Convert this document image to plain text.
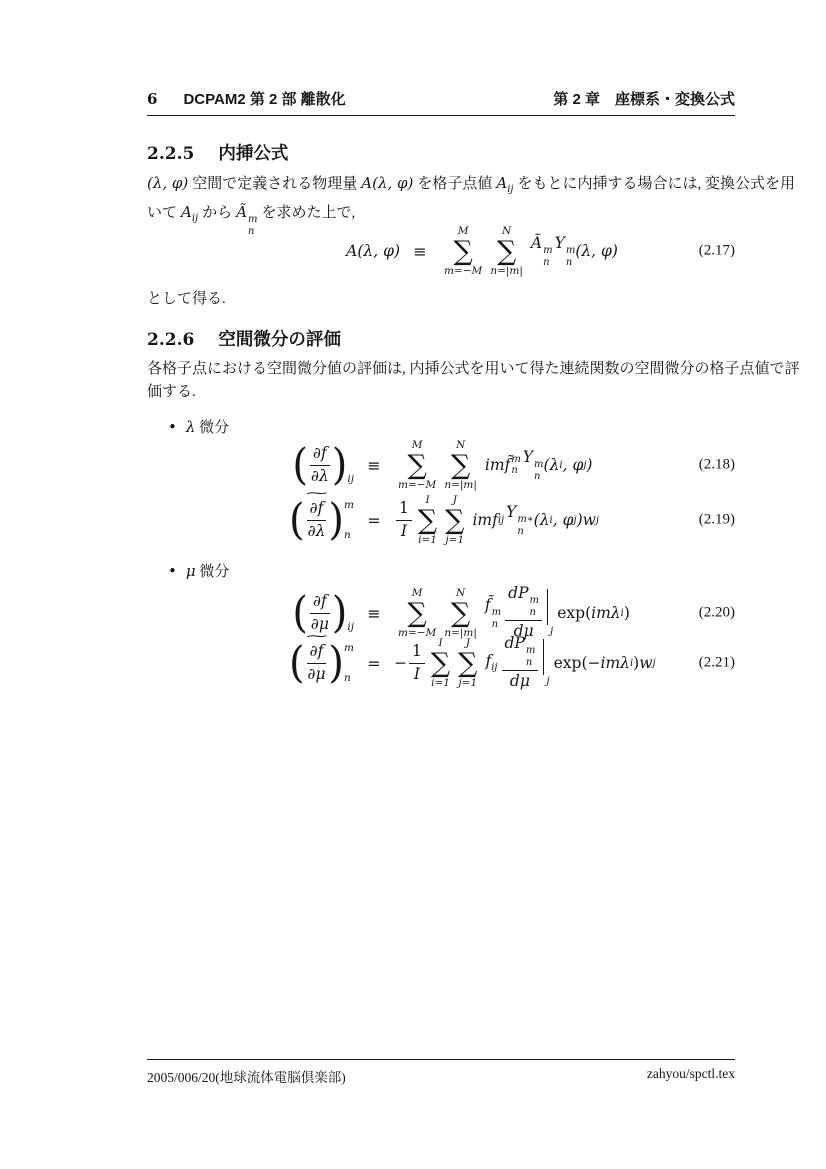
6 DCPAM2 第 2 部 離散化	第 2 章　 座標系・変換公式
2.2.5 内挿公式
(λ, φ) 空間で定義される物理量 A(λ, φ) を格子点値 $A_{ij}$ をもとに内挿する場合には, 変換公式を用
いて $A_{ij}$ から Ã m
n
を求めた上で,
A (λ, φ) ≡
M
∑
m=−M
N
∑
n=|m|
Ã m
n
Y m
n
(λ, φ)	(2.17)
として得る.
2.2.6 空間微分の評価
各格子点における空間微分値の評価は, 内挿公式を用いて得た連続関数の空間微分の格子点値で評
価する.
• λ 微分
( $\frac{\partial f}{\partial\lambda} )_{ij}$
≡
M
∑
m=−M
N
∑
n=|m|
im f̃ m
n
Y m
n
(λ i , φ j )	(2.18)
(
∼
$\frac{\partial f}{\partial\lambda}$ ) m
n
= $\frac{1}{I}$ I
∑
i=1
J
∑
j=1
im f ij Y m∗
n
(λ i , φ j ) w j	(2.19)
• μ 微分
( $\frac{\partial f}{\partial\mu} )_{ij}$
≡
M
∑
m=−M
N
∑
n=|m|
f̃ m
n dP m
n
dμ j
exp( imλ i )	(2.20)
(
∼
$\frac{\partial f}{\partial\mu}$ ) m
n
= − $\frac{1}{I}$ I
∑
i=1
J
∑
j=1
$f_{ij}$ dP m
n
dμ j
exp( −imλ i ) w j	(2.21)
2005/006/20(地球流体電脳倶楽部)	zahyou/spctl.tex
